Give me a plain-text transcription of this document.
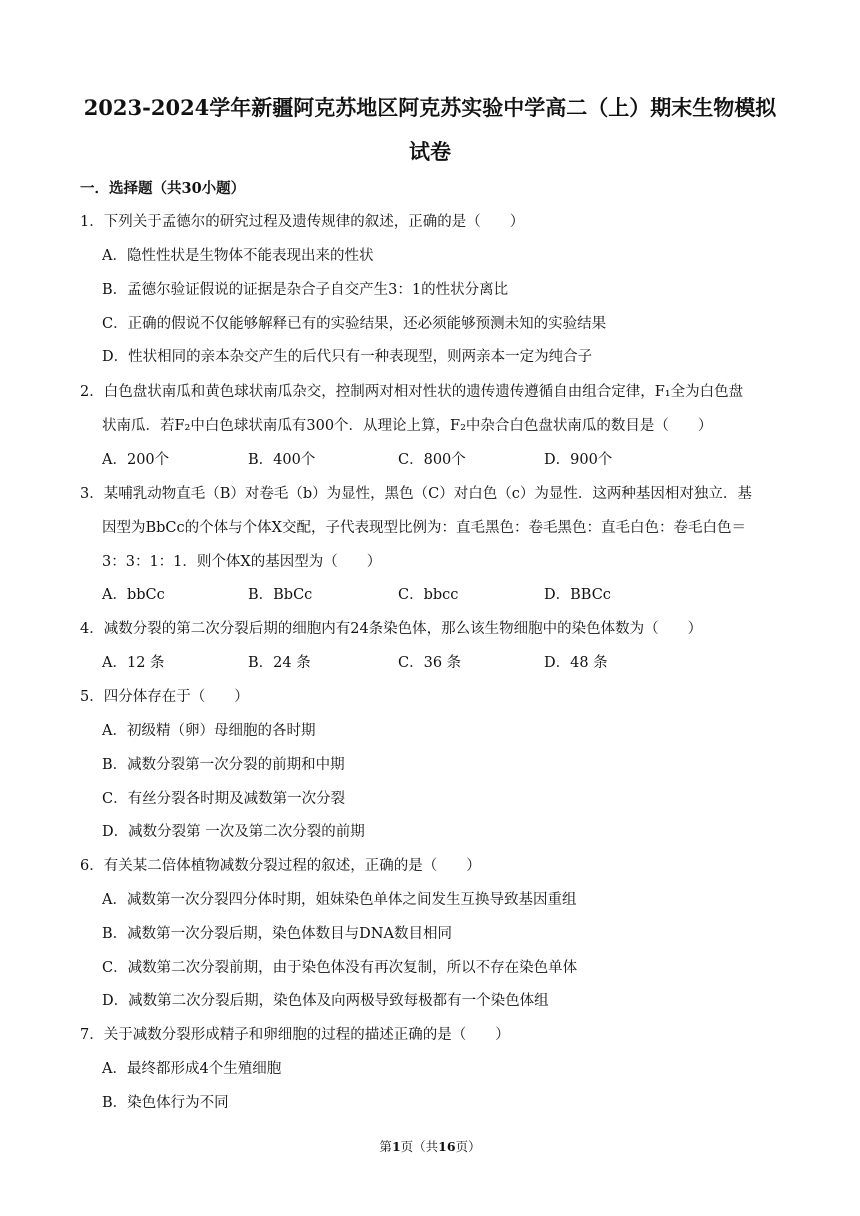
2023-2024学年新疆阿克苏地区阿克苏实验中学高二（上）期末生物模拟
试卷
一．选择题（共30小题）
1．下列关于孟德尔的研究过程及遗传规律的叙述，正确的是（　　）
A．隐性性状是生物体不能表现出来的性状
B．孟德尔验证假说的证据是杂合子自交产生3：1的性状分离比
C．正确的假说不仅能够解释已有的实验结果，还必须能够预测未知的实验结果
D．性状相同的亲本杂交产生的后代只有一种表现型，则两亲本一定为纯合子
2．白色盘状南瓜和黄色球状南瓜杂交，控制两对相对性状的遗传遗传遵循自由组合定律，F₁全为白色盘
状南瓜．若F₂中白色球状南瓜有300个．从理论上算，F₂中杂合白色盘状南瓜的数目是（　　）
A．200个	B．400个	C．800个	D．900个
3．某哺乳动物直毛（B）对卷毛（b）为显性，黑色（C）对白色（c）为显性．这两种基因相对独立．基
因型为BbCc的个体与个体X交配，子代表现型比例为：直毛黑色：卷毛黑色：直毛白色：卷毛白色＝
3：3：1：1．则个体X的基因型为（　　）
A．bbCc	B．BbCc	C．bbcc	D．BBCc
4．减数分裂的第二次分裂后期的细胞内有24条染色体，那么该生物细胞中的染色体数为（　　）
A．12 条	B．24 条	C．36 条	D．48 条
5．四分体存在于（　　）
A．初级精（卵）母细胞的各时期
B．减数分裂第一次分裂的前期和中期
C．有丝分裂各时期及减数第一次分裂
D．减数分裂第 一次及第二次分裂的前期
6．有关某二倍体植物减数分裂过程的叙述，正确的是（　　）
A．减数第一次分裂四分体时期，姐妹染色单体之间发生互换导致基因重组
B．减数第一次分裂后期，染色体数目与DNA数目相同
C．减数第二次分裂前期，由于染色体没有再次复制，所以不存在染色单体
D．减数第二次分裂后期，染色体及向两极导致每极都有一个染色体组
7．关于减数分裂形成精子和卵细胞的过程的描述正确的是（　　）
A．最终都形成4个生殖细胞
B．染色体行为不同
第1页（共16页）
